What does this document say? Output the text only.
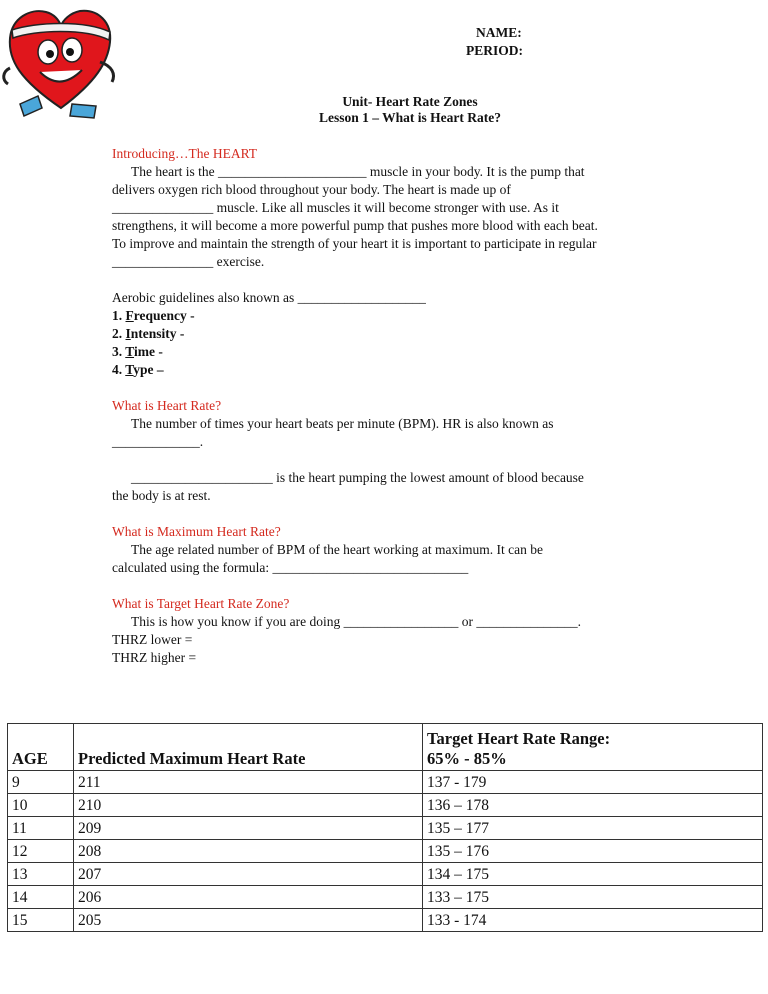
NAME:
PERIOD:
Unit- Heart Rate Zones
Lesson 1 – What is Heart Rate?
Introducing…The HEART
The heart is the ______________________ muscle in your body. It is the pump that
delivers oxygen rich blood throughout your body. The heart is made up of
_______________ muscle. Like all muscles it will become stronger with use. As it
strengthens, it will become a more powerful pump that pushes more blood with each beat.
To improve and maintain the strength of your heart it is important to participate in regular
_______________ exercise.
Aerobic guidelines also known as ___________________
1. Frequency -
2. Intensity -
3. Time -
4. Type –
What is Heart Rate?
The number of times your heart beats per minute (BPM). HR is also known as
_____________.
_____________________ is the heart pumping the lowest amount of blood because
the body is at rest.
What is Maximum Heart Rate?
The age related number of BPM of the heart working at maximum. It can be
calculated using the formula: _____________________________
What is Target Heart Rate Zone?
This is how you know if you are doing _________________ or _______________.
THRZ lower =
THRZ higher =
AGE	Predicted Maximum Heart Rate	Target Heart Rate Range:
65% - 85%

9	211	137 - 179
10	210	136 – 178
11	209	135 – 177
12	208	135 – 176
13	207	134 – 175
14	206	133 – 175
15	205	133 - 174
